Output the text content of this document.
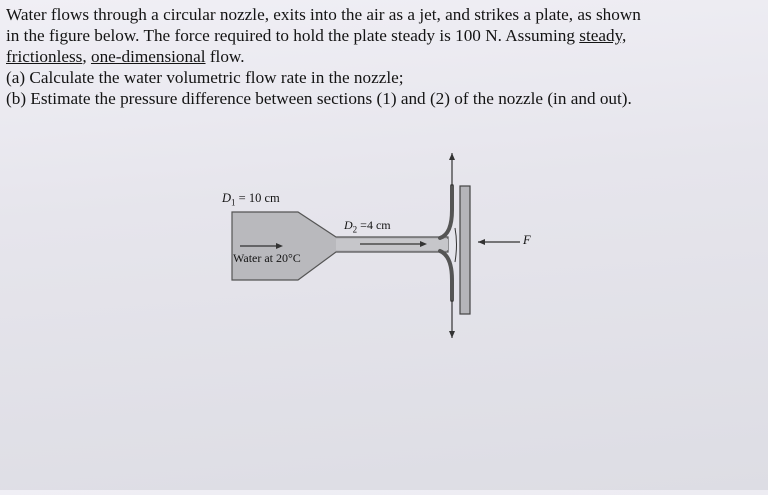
Water flows through a circular nozzle, exits into the air as a jet, and strikes a plate, as shown

in the figure below. The force required to hold the plate steady is 100 N. Assuming steady,

frictionless, one-dimensional flow.

(a) Calculate the water volumetric flow rate in the nozzle;

(b) Estimate the pressure difference between sections (1) and (2) of the nozzle (in and out).

$D_1 = 10$ cm
$D_2 =4$ cm
Water at 20°C
F
